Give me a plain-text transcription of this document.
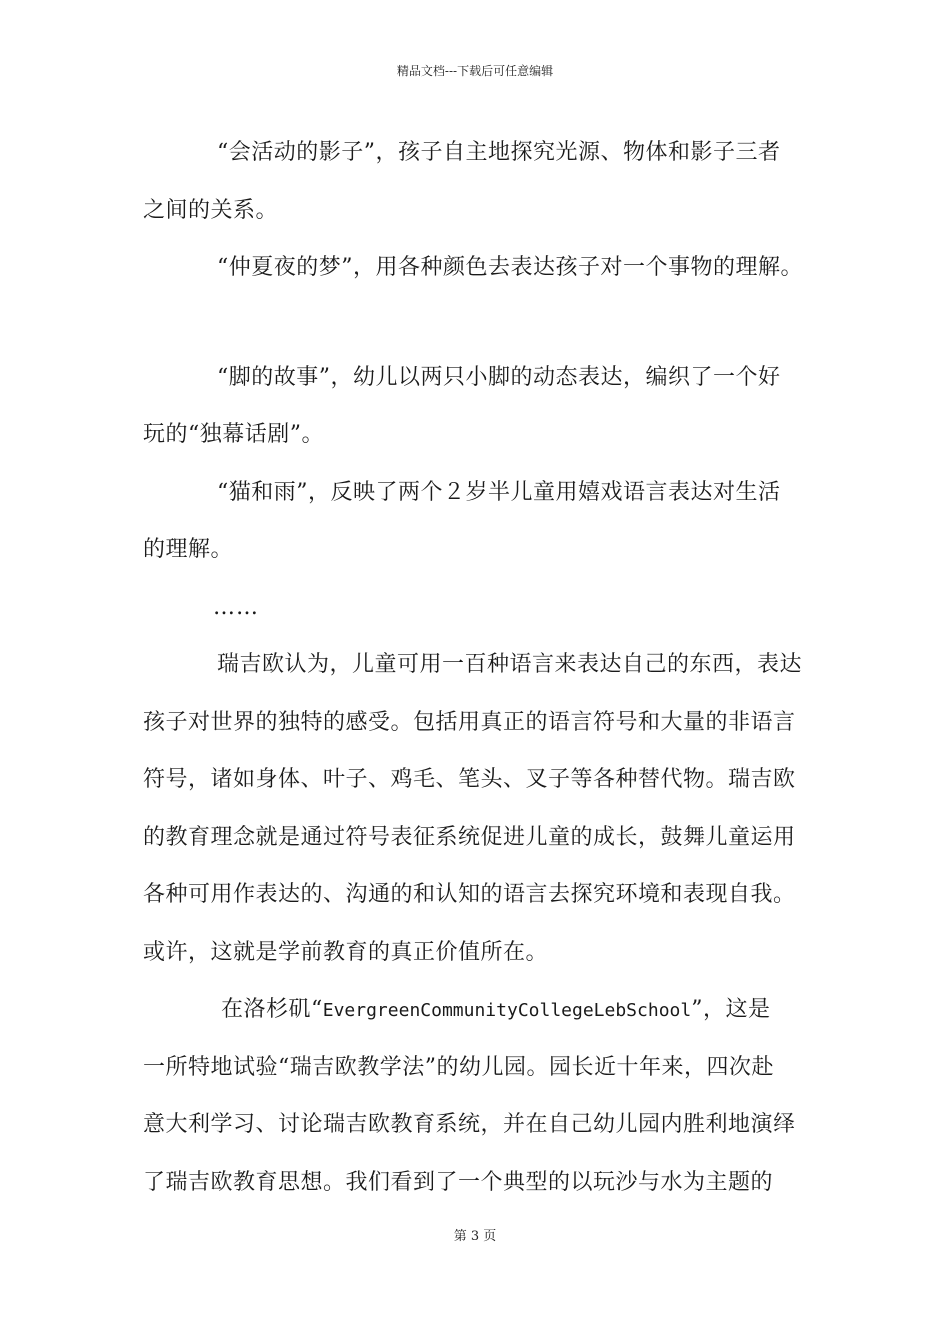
精品文档---下载后可任意编辑
“会活动的影子”，孩子自主地探究光源、物体和影子三者
之间的关系。
“仲夏夜的梦”，用各种颜色去表达孩子对一个事物的理解。
“脚的故事”，幼儿以两只小脚的动态表达，编织了一个好
玩的“独幕话剧”。
“猫和雨”，反映了两个２岁半儿童用嬉戏语言表达对生活
的理解。
……
瑞吉欧认为，儿童可用一百种语言来表达自己的东西，表达
孩子对世界的独特的感受。包括用真正的语言符号和大量的非语言
符号，诸如身体、叶子、鸡毛、笔头、叉子等各种替代物。瑞吉欧
的教育理念就是通过符号表征系统促进儿童的成长，鼓舞儿童运用
各种可用作表达的、沟通的和认知的语言去探究环境和表现自我。
或许，这就是学前教育的真正价值所在。
在洛杉矶“EvergreenCommunityCollegeLebSchool”，这是
一所特地试验“瑞吉欧教学法”的幼儿园。园长近十年来，四次赴
意大利学习、讨论瑞吉欧教育系统，并在自己幼儿园内胜利地演绎
了瑞吉欧教育思想。我们看到了一个典型的以玩沙与水为主题的
第 3 页
